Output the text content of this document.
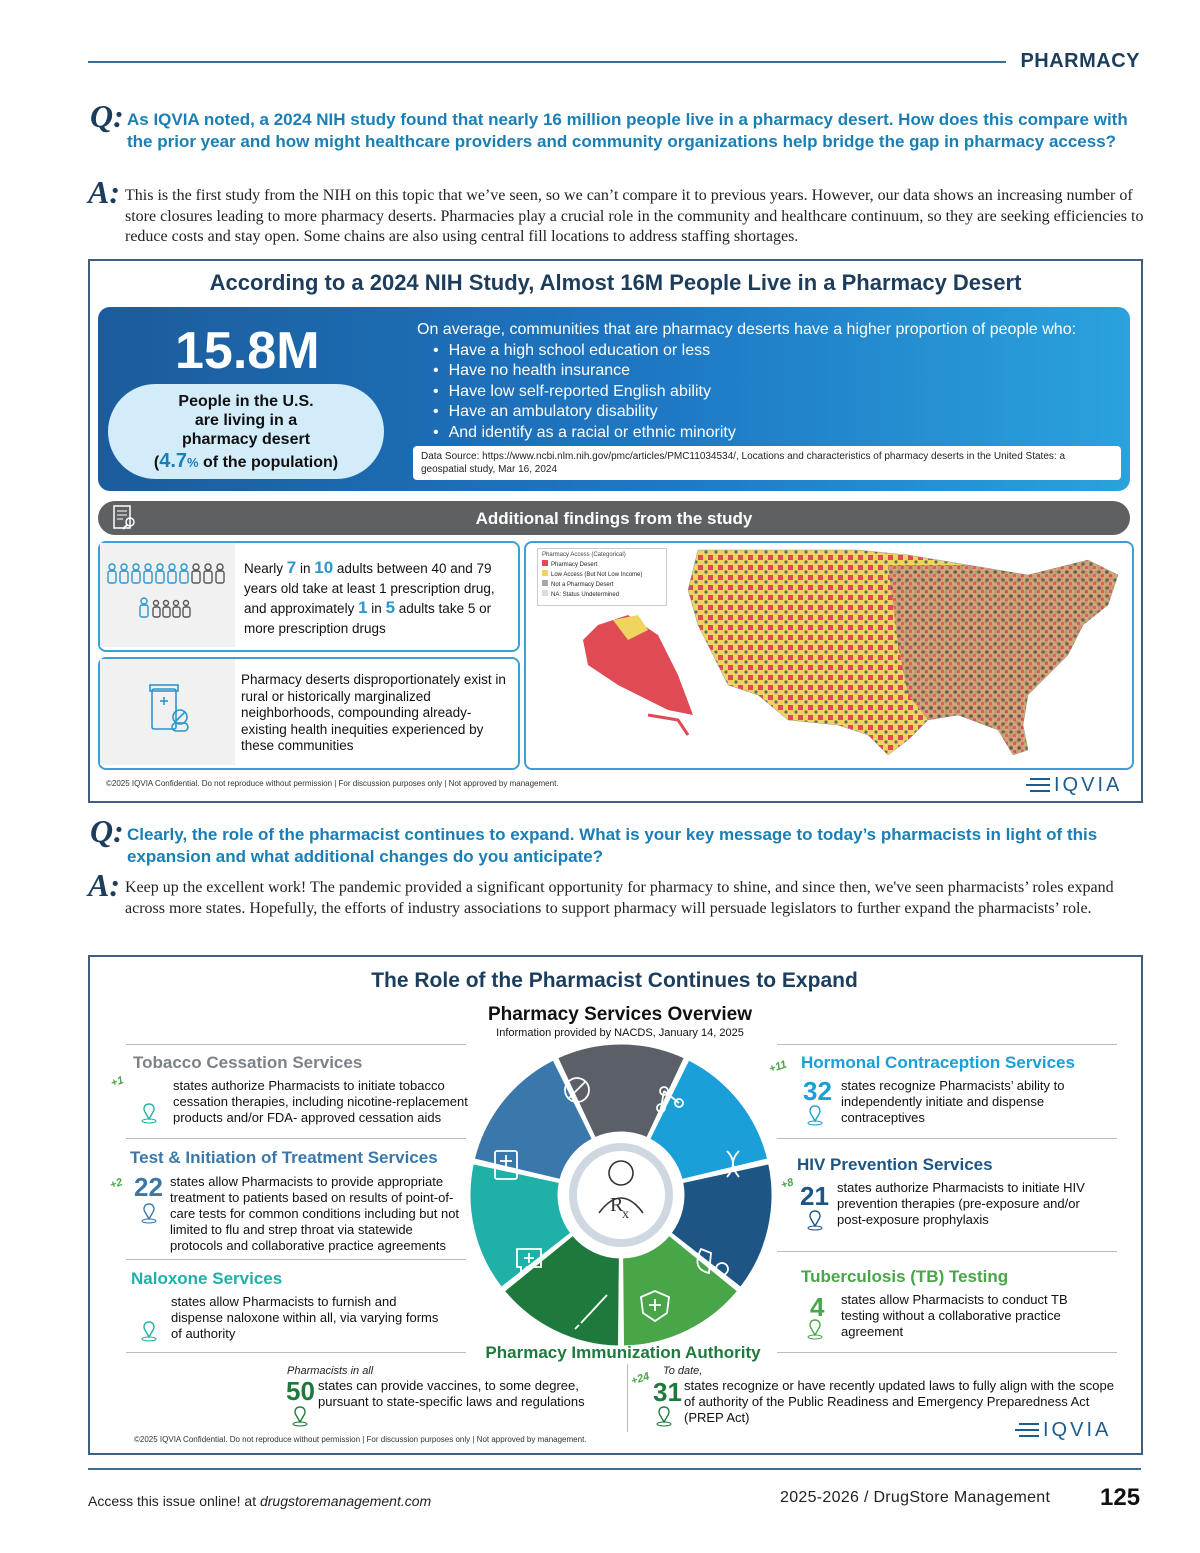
PHARMACY
Q: As IQVIA noted, a 2024 NIH study found that nearly 16 million people live in a pharmacy desert. How does this compare with the prior year and how might healthcare providers and community organizations help bridge the gap in pharmacy access?
A: This is the first study from the NIH on this topic that we’ve seen, so we can’t compare it to previous years. However, our data shows an increasing number of store closures leading to more pharmacy deserts. Pharmacies play a crucial role in the community and healthcare continuum, so they are seeking efficiencies to reduce costs and stay open. Some chains are also using central fill locations to address staffing shortages.
According to a 2024 NIH Study, Almost 16M People Live in a Pharmacy Desert
15.8M
People in the U.S.
are living in a
pharmacy desert
(4.7% of the population)
On average, communities that are pharmacy deserts have a higher proportion of people who:
• Have a high school education or less
• Have no health insurance
• Have low self-reported English ability
• Have an ambulatory disability
• And identify as a racial or ethnic minority
Data Source: https://www.ncbi.nlm.nih.gov/pmc/articles/PMC11034534/, Locations and characteristics of pharmacy deserts in the United States: a geospatial study, Mar 16, 2024
Additional findings from the study
Nearly 7 in 10 adults between 40 and 79 years old take at least 1 prescription drug, and approximately 1 in 5 adults take 5 or more prescription drugs
Pharmacy deserts disproportionately exist in rural or historically marginalized neighborhoods, compounding already-existing health inequities experienced by these communities
Pharmacy Access (Categorical)
Pharmacy Desert
Low Access (But Not Low Income)
Not a Pharmacy Desert
NA: Status Undetermined
©2025 IQVIA Confidential. Do not reproduce without permission | For discussion purposes only | Not approved by management.	IQVIA
Q: Clearly, the role of the pharmacist continues to expand. What is your key message to today’s pharmacists in light of this expansion and what additional changes do you anticipate?
A: Keep up the excellent work! The pandemic provided a significant opportunity for pharmacy to shine, and since then, we've seen pharmacists’ roles expand across more states. Hopefully, the efforts of industry associations to support pharmacy will persuade legislators to further expand the pharmacists’ role.
The Role of the Pharmacist Continues to Expand
Pharmacy Services Overview
Information provided by NACDS, January 14, 2025
R
x
Tobacco Cessation Services
+1	states authorize Pharmacists to initiate tobacco cessation therapies, including nicotine-replacement products and/or FDA- approved cessation aids
Test & Initiation of Treatment Services
+2 22 states allow Pharmacists to provide appropriate treatment to patients based on results of point-of-care tests for common conditions including but not limited to flu and strep throat via statewide protocols and collaborative practice agreements
Naloxone Services
states allow Pharmacists to furnish and dispense naloxone within all, via varying forms of authority
Hormonal Contraception Services
+11
32 states recognize Pharmacists’ ability to independently initiate and dispense contraceptives
HIV Prevention Services
+8 21 states authorize Pharmacists to initiate HIV prevention therapies (pre-exposure and/or post-exposure prophylaxis
Tuberculosis (TB) Testing
4 states allow Pharmacists to conduct TB testing without a collaborative practice agreement
Pharmacy Immunization Authority
Pharmacists in all
50 states can provide vaccines, to some degree, pursuant to state-specific laws and regulations
+24 To date,
31 states recognize or have recently updated laws to fully align with the scope of authority of the Public Readiness and Emergency Preparedness Act (PREP Act)
©2025 IQVIA Confidential. Do not reproduce without permission | For discussion purposes only | Not approved by management.	IQVIA
Access this issue online! at drugstoremanagement.com	2025-2026 / DrugStore Management 125
